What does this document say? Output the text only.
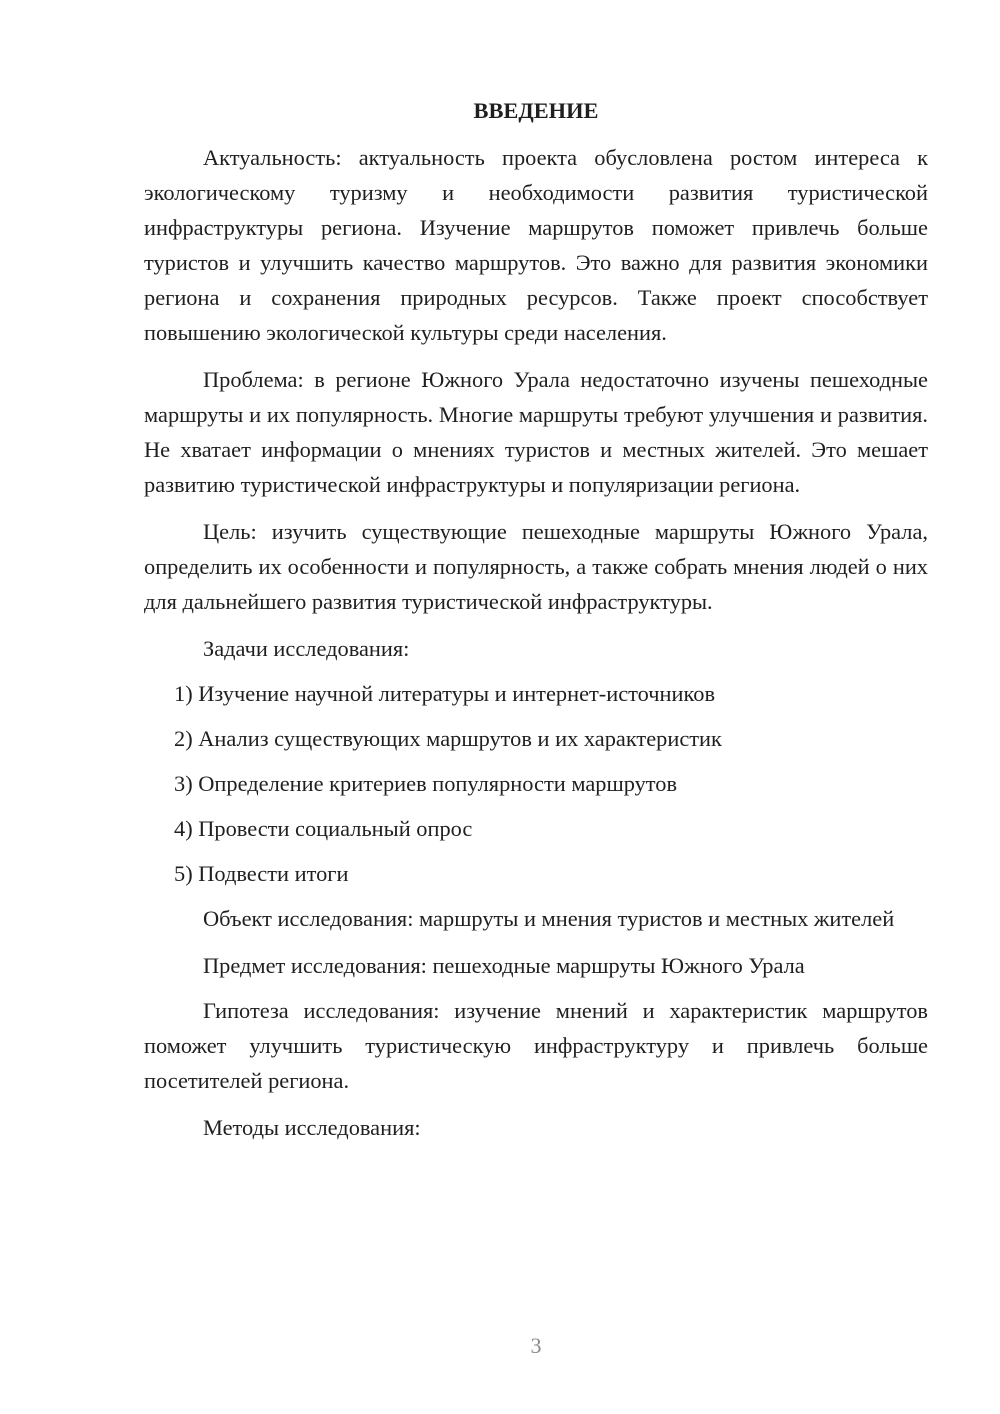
ВВЕДЕНИЕ

Актуальность: актуальность проекта обусловлена ростом интереса к экологическому туризму и необходимости развития туристической инфраструктуры региона. Изучение маршрутов поможет привлечь больше туристов и улучшить качество маршрутов. Это важно для развития экономики региона и сохранения природных ресурсов. Также проект способствует повышению экологической культуры среди населения.

Проблема: в регионе Южного Урала недостаточно изучены пешеходные маршруты и их популярность. Многие маршруты требуют улучшения и развития. Не хватает информации о мнениях туристов и местных жителей. Это мешает развитию туристической инфраструктуры и популяризации региона.

Цель: изучить существующие пешеходные маршруты Южного Урала, определить их особенности и популярность, а также собрать мнения людей о них для дальнейшего развития туристической инфраструктуры.

Задачи исследования:

1) Изучение научной литературы и интернет-источников
2) Анализ существующих маршрутов и их характеристик
3) Определение критериев популярности маршрутов
4) Провести социальный опрос
5) Подвести итоги

Объект исследования: маршруты и мнения туристов и местных жителей

Предмет исследования: пешеходные маршруты Южного Урала

Гипотеза исследования: изучение мнений и характеристик маршрутов поможет улучшить туристическую инфраструктуру и привлечь больше посетителей региона.

Методы исследования:

3
